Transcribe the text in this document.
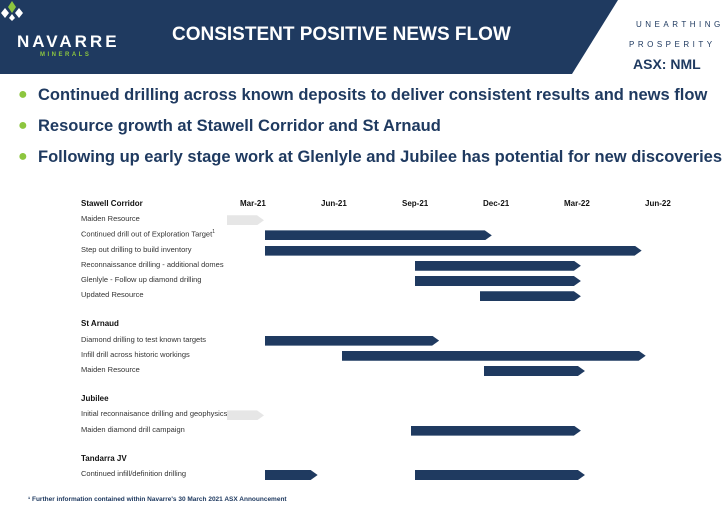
NAVARRE
MINERALS
CONSISTENT POSITIVE NEWS FLOW	UNEARTHING
PROSPERITY
ASX: NML
● Continued drilling across known deposits to deliver consistent results and news flow
● Resource growth at Stawell Corridor and St Arnaud
● Following up early stage work at Glenlyle and Jubilee has potential for new discoveries
Mar-21	Jun-21	Sep-21	Dec-21	Mar-22	Jun-22
Stawell Corridor
Maiden Resource
Continued drill out of Exploration Target$^1$
Step out drilling to build inventory
Reconnaissance drilling - additional domes
Glenlyle - Follow up diamond drilling
Updated Resource
St Arnaud
Diamond drilling to test known targets
Infill drill across historic workings
Maiden Resource
Jubilee
Initial reconnaisance drilling and geophysics
Maiden diamond drill campaign
Tandarra JV
Continued infill/definition drilling
¹ Further information contained within Navarre's 30 March 2021 ASX Announcement
